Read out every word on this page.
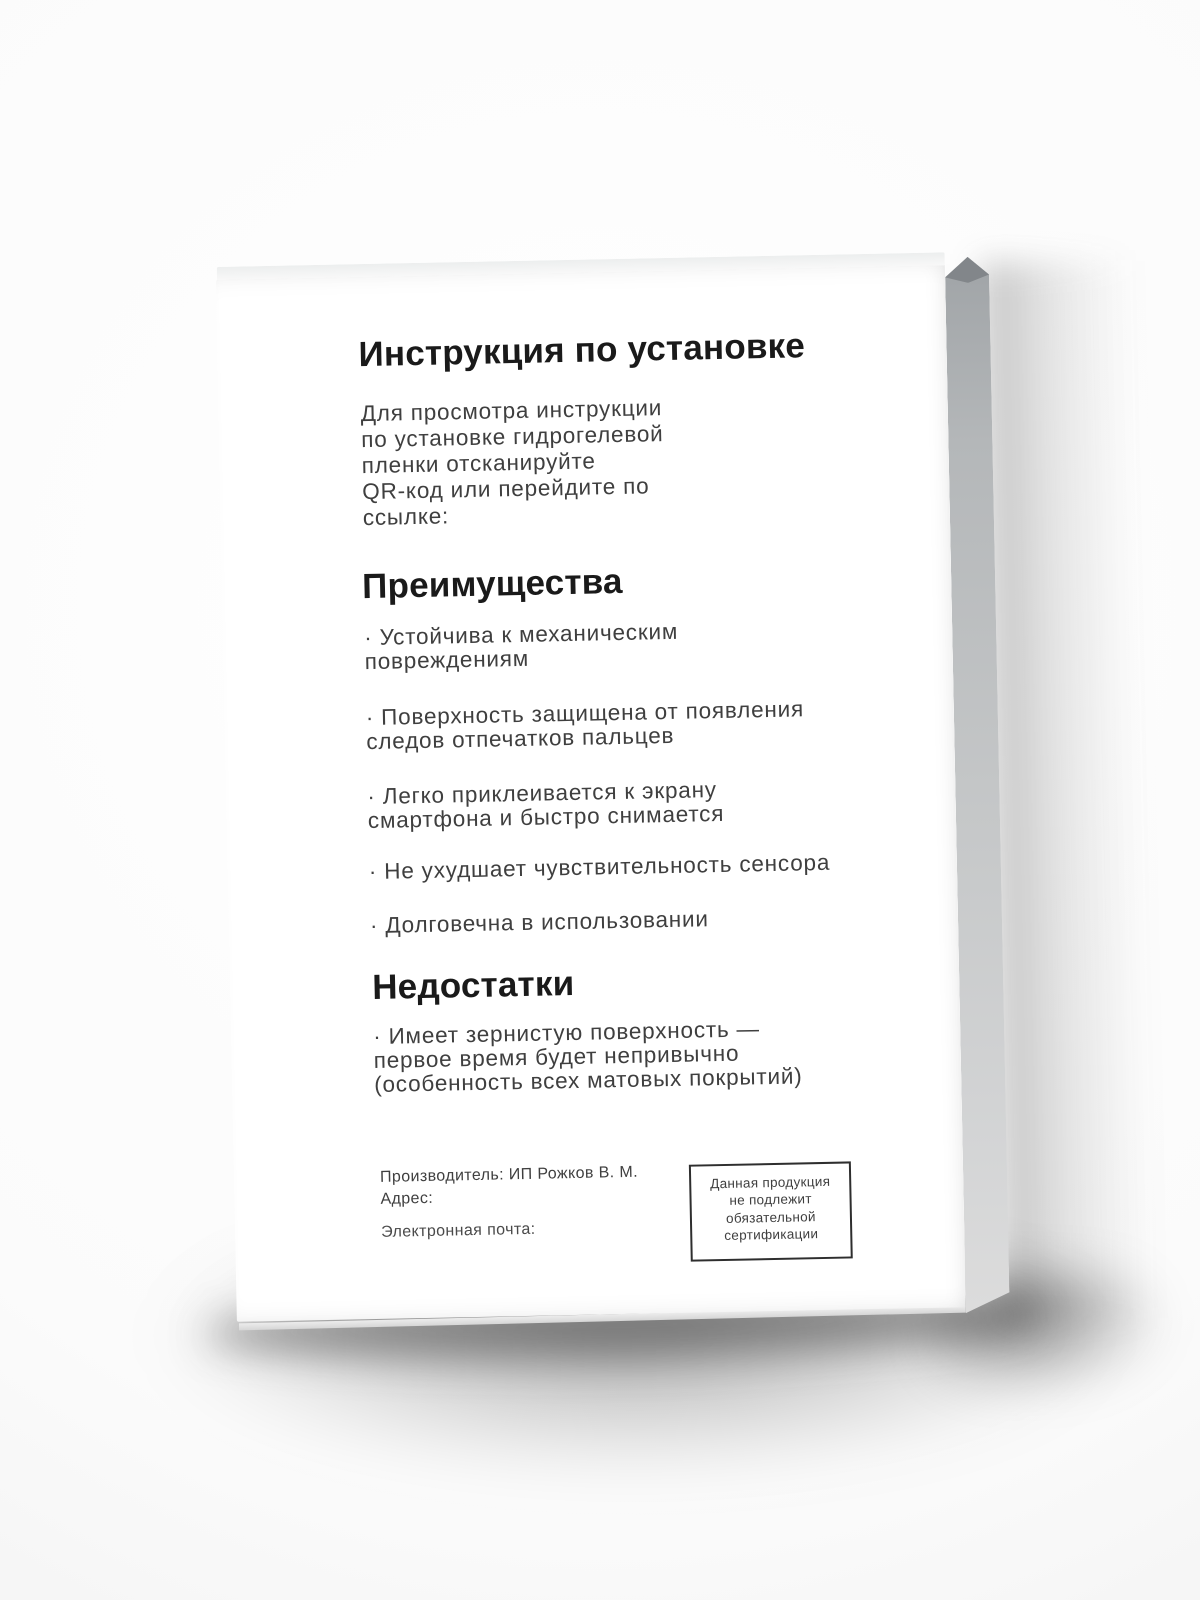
Инструкция по установке
Для просмотра инструкции
по установке гидрогелевой
пленки отсканируйте
QR-код или перейдите по
ссылке:
Преимущества
· Устойчива к механическим
повреждениям
· Поверхность защищена от появления
следов отпечатков пальцев
· Легко приклеивается к экрану
смартфона и быстро снимается
· Не ухудшает чувствительность сенсора
· Долговечна в использовании
Недостатки
· Имеет зернистую поверхность —
первое время будет непривычно
(особенность всех матовых покрытий)
Производитель: ИП Рожков В. М.
Адрес:
Электронная почта:
Данная продукция
не подлежит
обязательной
сертификации
